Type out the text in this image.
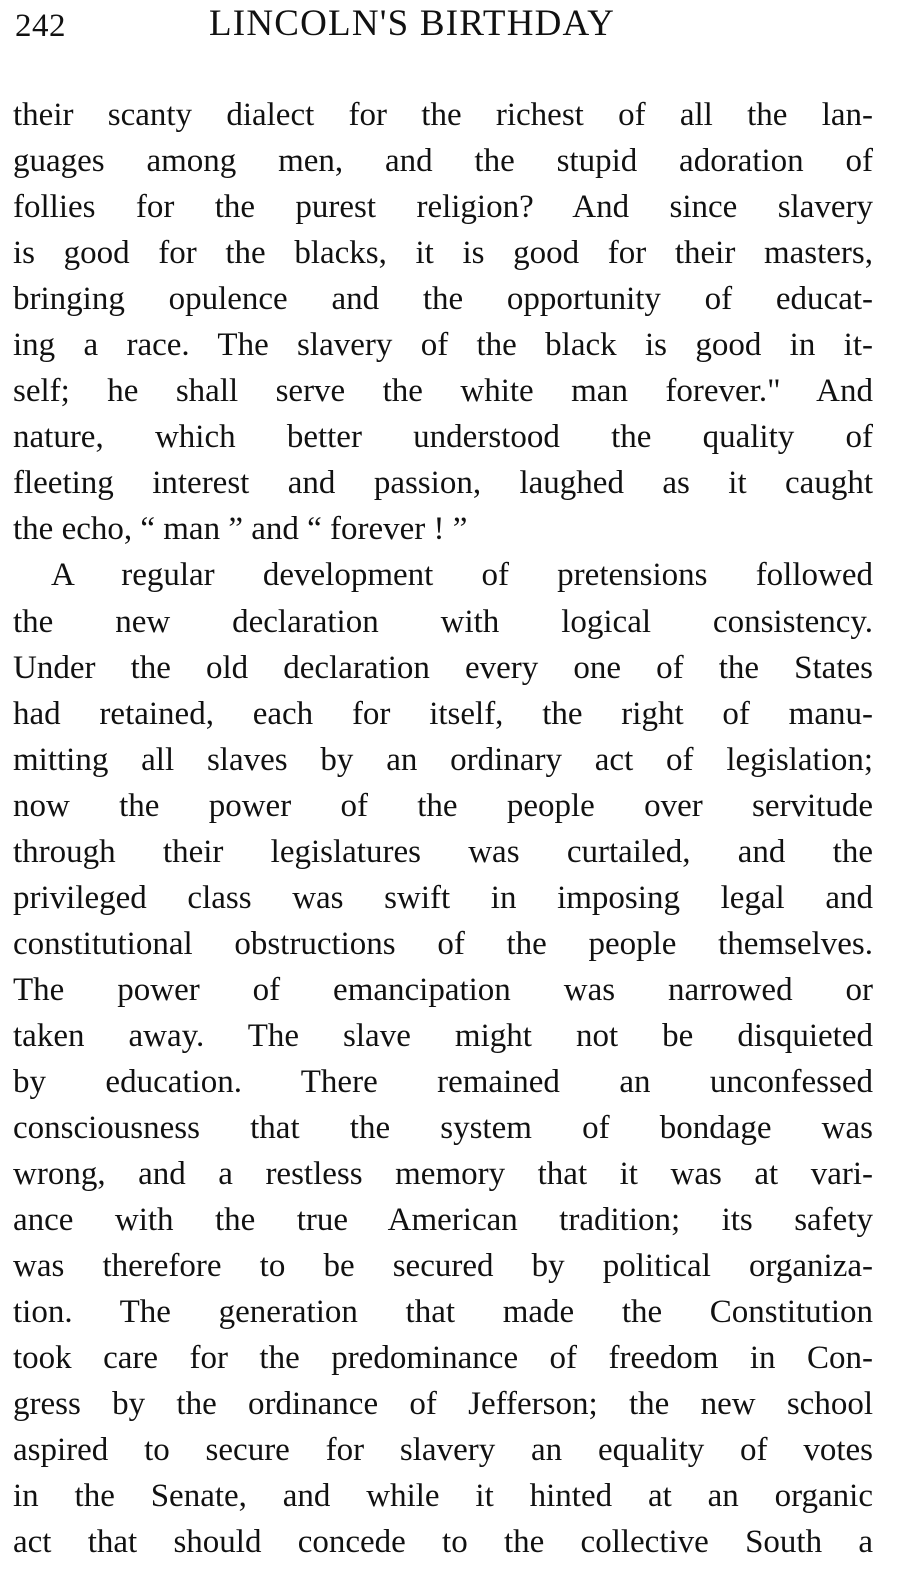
242	LINCOLN'S BIRTHDAY
their scanty dialect for the richest of all the lan-
guages among men, and the stupid adoration of
follies for the purest religion? And since slavery
is good for the blacks, it is good for their masters,
bringing opulence and the opportunity of educat-
ing a race. The slavery of the black is good in it-
self; he shall serve the white man forever." And
nature, which better understood the quality of
fleeting interest and passion, laughed as it caught
the echo, “ man ” and “ forever ! ”
A regular development of pretensions followed
the new declaration with logical consistency.
Under the old declaration every one of the States
had retained, each for itself, the right of manu-
mitting all slaves by an ordinary act of legislation;
now the power of the people over servitude
through their legislatures was curtailed, and the
privileged class was swift in imposing legal and
constitutional obstructions of the people themselves.
The power of emancipation was narrowed or
taken away. The slave might not be disquieted
by education. There remained an unconfessed
consciousness that the system of bondage was
wrong, and a restless memory that it was at vari-
ance with the true American tradition; its safety
was therefore to be secured by political organiza-
tion. The generation that made the Constitution
took care for the predominance of freedom in Con-
gress by the ordinance of Jefferson; the new school
aspired to secure for slavery an equality of votes
in the Senate, and while it hinted at an organic
act that should concede to the collective South a
